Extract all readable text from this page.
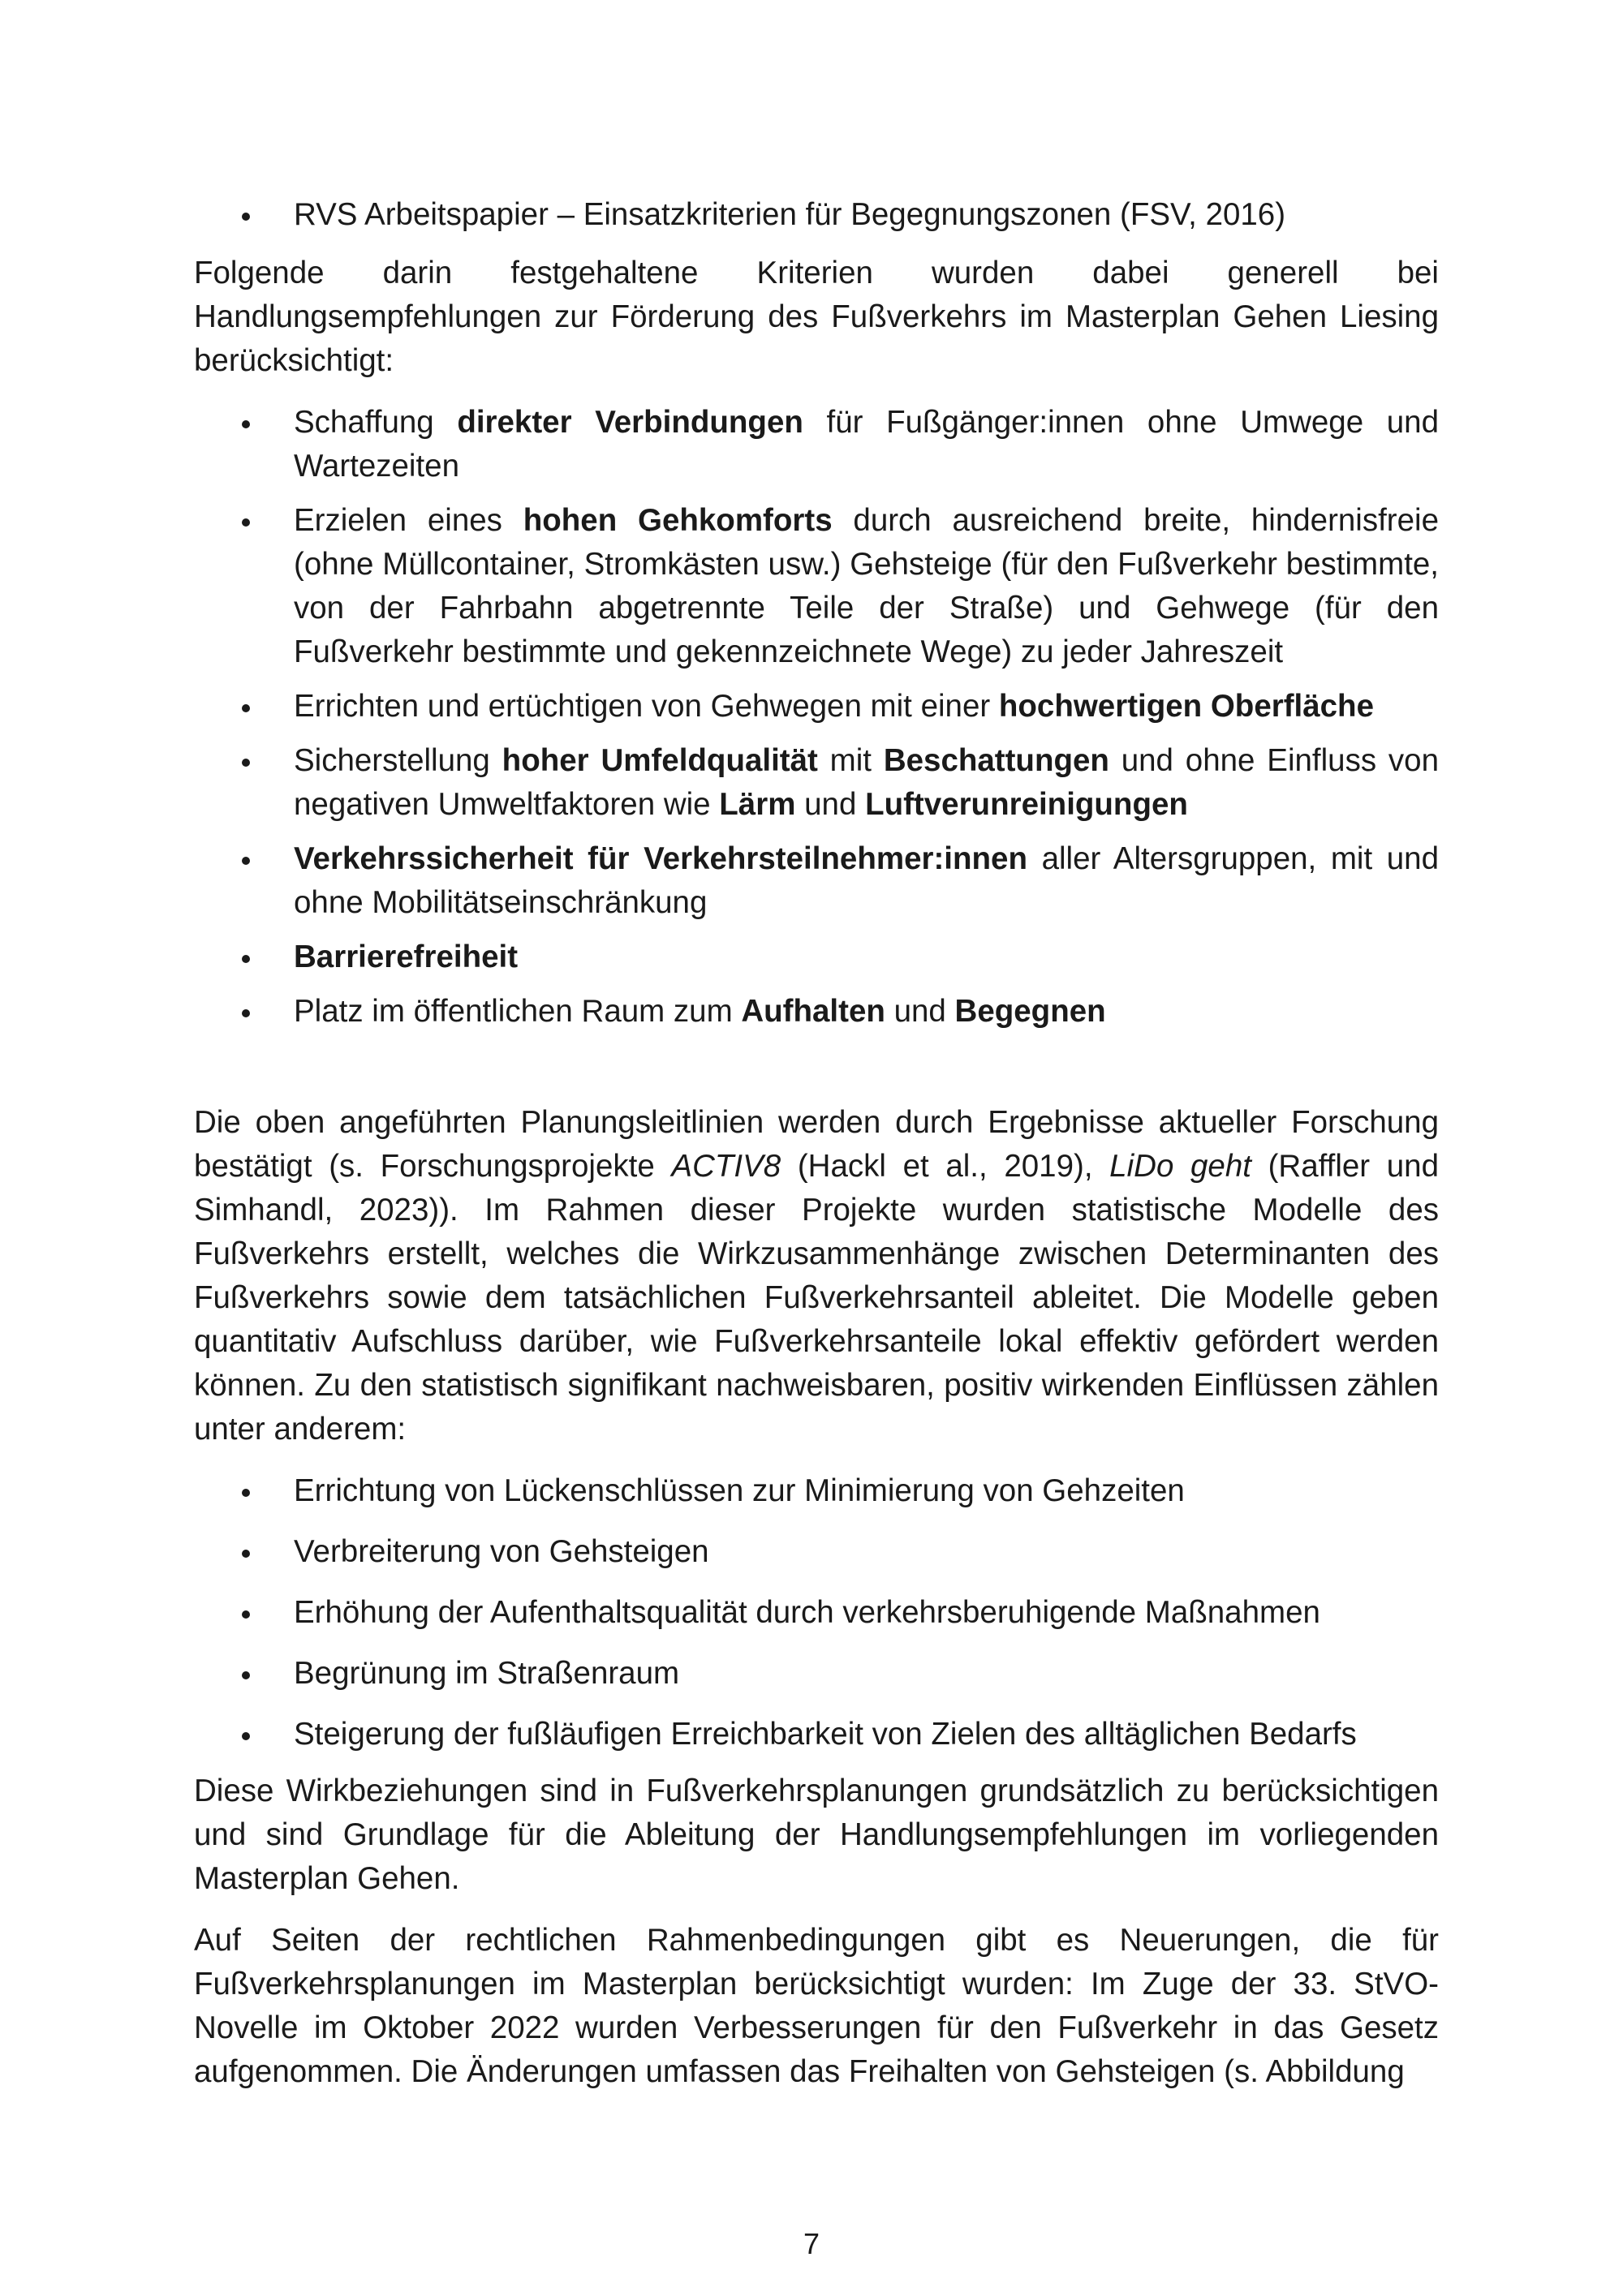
RVS Arbeitspapier – Einsatzkriterien für Begegnungszonen (FSV, 2016)

Folgende darin festgehaltene Kriterien wurden dabei generell bei Handlungsempfehlungen zur Förderung des Fußverkehrs im Masterplan Gehen Liesing berücksichtigt:

Schaffung direkter Verbindungen für Fußgänger:innen ohne Umwege und Wartezeiten
Erzielen eines hohen Gehkomforts durch ausreichend breite, hindernisfreie (ohne Müllcontainer, Stromkästen usw.) Gehsteige (für den Fußverkehr bestimmte, von der Fahrbahn abgetrennte Teile der Straße) und Gehwege (für den Fußverkehr bestimmte und gekennzeichnete Wege) zu jeder Jahreszeit
Errichten und ertüchtigen von Gehwegen mit einer hochwertigen Oberfläche
Sicherstellung hoher Umfeldqualität mit Beschattungen und ohne Einfluss von negativen Umweltfaktoren wie Lärm und Luftverunreinigungen
Verkehrssicherheit für Verkehrsteilnehmer:innen aller Altersgruppen, mit und ohne Mobilitätseinschränkung
Barrierefreiheit
Platz im öffentlichen Raum zum Aufhalten und Begegnen

Die oben angeführten Planungsleitlinien werden durch Ergebnisse aktueller Forschung bestätigt (s. Forschungsprojekte ACTIV8 (Hackl et al., 2019), LiDo geht (Raffler und Simhandl, 2023)). Im Rahmen dieser Projekte wurden statistische Modelle des Fußverkehrs erstellt, welches die Wirkzusammenhänge zwischen Determinanten des Fußverkehrs sowie dem tatsächlichen Fußverkehrsanteil ableitet. Die Modelle geben quantitativ Aufschluss darüber, wie Fußverkehrsanteile lokal effektiv gefördert werden können. Zu den statistisch signifikant nachweisbaren, positiv wirkenden Einflüssen zählen unter anderem:

Errichtung von Lückenschlüssen zur Minimierung von Gehzeiten
Verbreiterung von Gehsteigen
Erhöhung der Aufenthaltsqualität durch verkehrsberuhigende Maßnahmen
Begrünung im Straßenraum
Steigerung der fußläufigen Erreichbarkeit von Zielen des alltäglichen Bedarfs

Diese Wirkbeziehungen sind in Fußverkehrsplanungen grundsätzlich zu berücksichtigen und sind Grundlage für die Ableitung der Handlungsempfehlungen im vorliegenden Masterplan Gehen.

Auf Seiten der rechtlichen Rahmenbedingungen gibt es Neuerungen, die für Fußverkehrsplanungen im Masterplan berücksichtigt wurden: Im Zuge der 33. StVO-Novelle im Oktober 2022 wurden Verbesserungen für den Fußverkehr in das Gesetz aufgenommen. Die Änderungen umfassen das Freihalten von Gehsteigen (s. Abbildung

7
